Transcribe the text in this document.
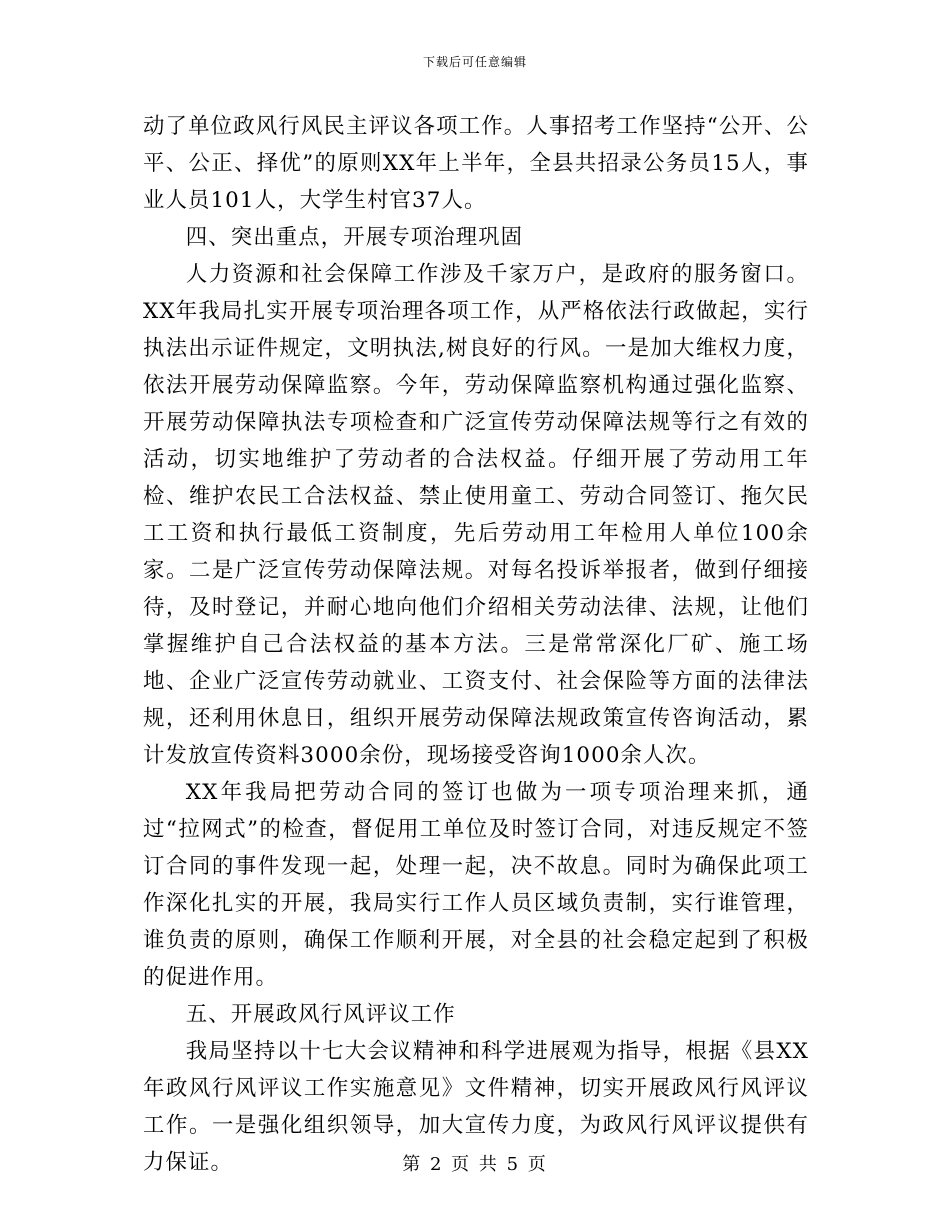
下载后可任意编辑

动了单位政风行风民主评议各项工作。人事招考工作坚持“公开、公平、公正、择优”的原则XX年上半年，全县共招录公务员15人，事业人员101人，大学生村官37人。

四、突出重点，开展专项治理巩固

人力资源和社会保障工作涉及千家万户，是政府的服务窗口。XX年我局扎实开展专项治理各项工作，从严格依法行政做起，实行执法出示证件规定，文明执法,树良好的行风。一是加大维权力度，依法开展劳动保障监察。今年，劳动保障监察机构通过强化监察、开展劳动保障执法专项检查和广泛宣传劳动保障法规等行之有效的活动，切实地维护了劳动者的合法权益。仔细开展了劳动用工年检、维护农民工合法权益、禁止使用童工、劳动合同签订、拖欠民工工资和执行最低工资制度，先后劳动用工年检用人单位100余家。二是广泛宣传劳动保障法规。对每名投诉举报者，做到仔细接待，及时登记，并耐心地向他们介绍相关劳动法律、法规，让他们掌握维护自己合法权益的基本方法。三是常常深化厂矿、施工场地、企业广泛宣传劳动就业、工资支付、社会保险等方面的法律法规，还利用休息日，组织开展劳动保障法规政策宣传咨询活动，累计发放宣传资料3000余份，现场接受咨询1000余人次。

XX年我局把劳动合同的签订也做为一项专项治理来抓，通过“拉网式”的检查，督促用工单位及时签订合同，对违反规定不签订合同的事件发现一起，处理一起，决不故息。同时为确保此项工作深化扎实的开展，我局实行工作人员区域负责制，实行谁管理，谁负责的原则，确保工作顺利开展，对全县的社会稳定起到了积极的促进作用。

五、开展政风行风评议工作

我局坚持以十七大会议精神和科学进展观为指导，根据《县XX年政风行风评议工作实施意见》文件精神，切实开展政风行风评议工作。一是强化组织领导，加大宣传力度，为政风行风评议提供有力保证。	第 2 页 共 5 页
